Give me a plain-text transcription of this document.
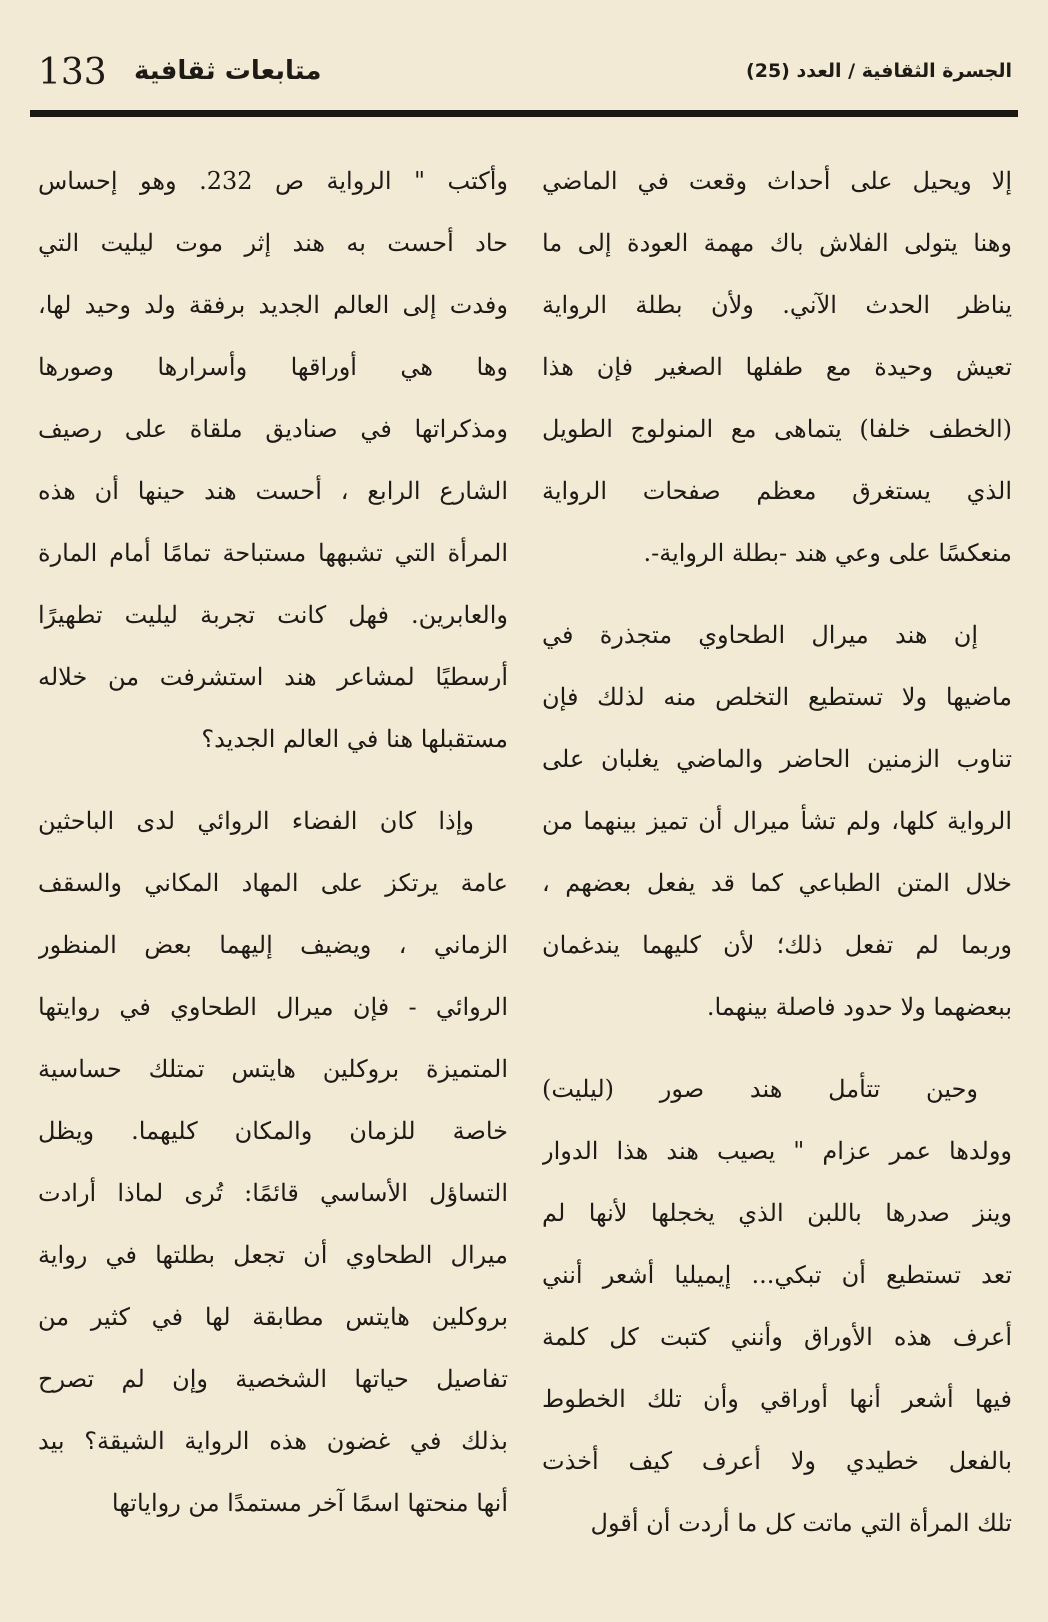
133 متابعات ثقافية	الجسرة الثقافية / العدد (25)
إلا ويحيل على أحداث وقعت في الماضي
وهنا يتولى الفلاش باك مهمة العودة إلى ما
يناظر الحدث الآني. ولأن بطلة الرواية
تعيش وحيدة مع طفلها الصغير فإن هذا
(الخطف خلفا) يتماهى مع المنولوج الطويل
الذي يستغرق معظم صفحات الرواية
منعكسًا على وعي هند -بطلة الرواية-.
إن هند ميرال الطحاوي متجذرة في
ماضيها ولا تستطيع التخلص منه لذلك فإن
تناوب الزمنين الحاضر والماضي يغلبان على
الرواية كلها، ولم تشأ ميرال أن تميز بينهما من
خلال المتن الطباعي كما قد يفعل بعضهم ،
وربما لم تفعل ذلك؛ لأن كليهما يندغمان
ببعضهما ولا حدود فاصلة بينهما.
وحين تتأمل هند صور (ليليت)
وولدها عمر عزام " يصيب هند هذا الدوار
وينز صدرها باللبن الذي يخجلها لأنها لم
تعد تستطيع أن تبكي... إيميليا أشعر أنني
أعرف هذه الأوراق وأنني كتبت كل كلمة
فيها أشعر أنها أوراقي وأن تلك الخطوط
بالفعل خطيدي ولا أعرف كيف أخذت
تلك المرأة التي ماتت كل ما أردت أن أقول
وأكتب " الرواية ص 232. وهو إحساس
حاد أحست به هند إثر موت ليليت التي
وفدت إلى العالم الجديد برفقة ولد وحيد لها،
وها هي أوراقها وأسرارها وصورها
ومذكراتها في صناديق ملقاة على رصيف
الشارع الرابع ، أحست هند حينها أن هذه
المرأة التي تشبهها مستباحة تمامًا أمام المارة
والعابرين. فهل كانت تجربة ليليت تطهيرًا
أرسطيًا لمشاعر هند استشرفت من خلاله
مستقبلها هنا في العالم الجديد؟
وإذا كان الفضاء الروائي لدى الباحثين
عامة يرتكز على المهاد المكاني والسقف
الزماني ، ويضيف إليهما بعض المنظور
الروائي - فإن ميرال الطحاوي في روايتها
المتميزة بروكلين هايتس تمتلك حساسية
خاصة للزمان والمكان كليهما. ويظل
التساؤل الأساسي قائمًا: تُرى لماذا أرادت
ميرال الطحاوي أن تجعل بطلتها في رواية
بروكلين هايتس مطابقة لها في كثير من
تفاصيل حياتها الشخصية وإن لم تصرح
بذلك في غضون هذه الرواية الشيقة؟ بيد
أنها منحتها اسمًا آخر مستمدًا من رواياتها
